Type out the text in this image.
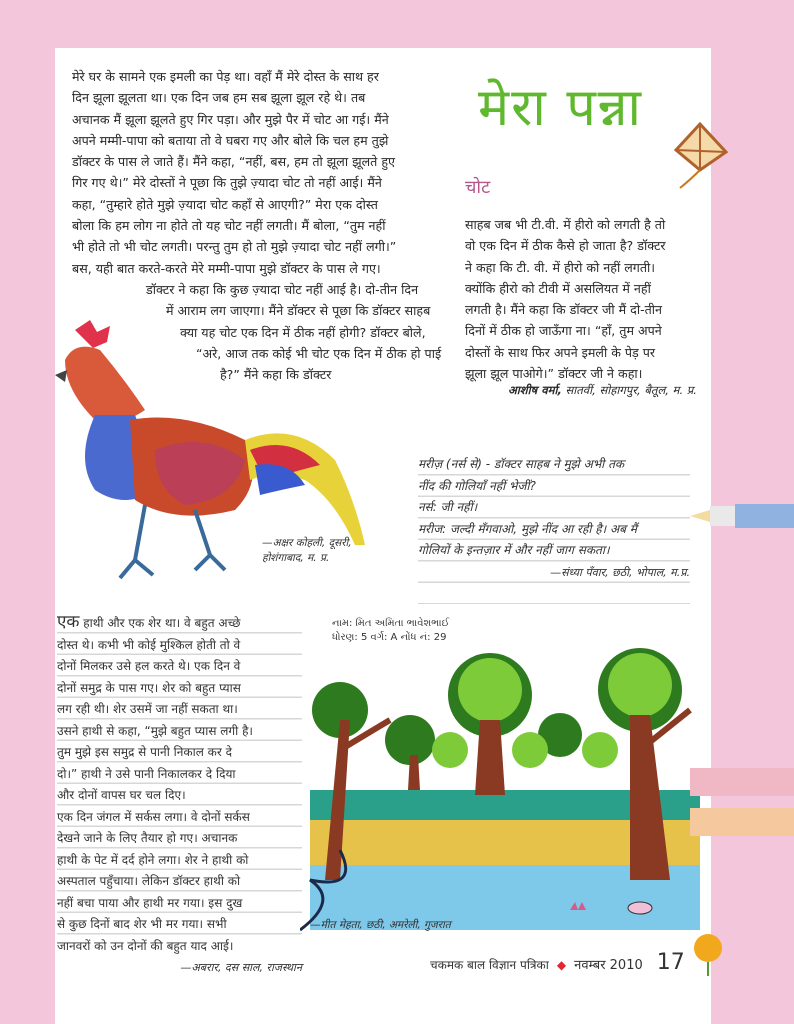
मेरा पन्ना
मेरे घर के सामने एक इमली का पेड़ था। वहाँ मैं मेरे दोस्त के साथ हर
दिन झूला झूलता था। एक दिन जब हम सब झूला झूल रहे थे। तब
अचानक मैं झूला झूलते हुए गिर पड़ा। और मुझे पैर में चोट आ गई। मैंने
अपने मम्मी-पापा को बताया तो वे घबरा गए और बोले कि चल हम तुझे
डॉक्टर के पास ले जाते हैं। मैंने कहा, “नहीं, बस, हम तो झूला झूलते हुए
गिर गए थे।” मेरे दोस्तों ने पूछा कि तुझे ज़्यादा चोट तो नहीं आई। मैंने
कहा, “तुम्हारे होते मुझे ज़्यादा चोट कहाँ से आएगी?” मेरा एक दोस्त
बोला कि हम लोग ना होते तो यह चोट नहीं लगती। मैं बोला, “तुम नहीं
भी होते तो भी चोट लगती। परन्तु तुम हो तो मुझे ज़्यादा चोट नहीं लगी।”
बस, यही बात करते-करते मेरे मम्मी-पापा मुझे डॉक्टर के पास ले गए।
डॉक्टर ने कहा कि कुछ ज़्यादा चोट नहीं आई है। दो-तीन दिन
में आराम लग जाएगा। मैंने डॉक्टर से पूछा कि डॉक्टर साहब
क्या यह चोट एक दिन में ठीक नहीं होगी? डॉक्टर बोले,
“अरे, आज तक कोई भी चोट एक दिन में ठीक हो पाई
है?” मैंने कहा कि डॉक्टर
चोट
साहब जब भी टी.वी. में हीरो को लगती है तो
वो एक दिन में ठीक कैसे हो जाता है? डॉक्टर
ने कहा कि टी. वी. में हीरो को नहीं लगती।
क्योंकि हीरो को टीवी में असलियत में नहीं
लगती है। मैंने कहा कि डॉक्टर जी मैं दो-तीन
दिनों में ठीक हो जाऊँगा ना। “हाँ, तुम अपने
दोस्तों के साथ फिर अपने इमली के पेड़ पर
झूला झूल पाओगे।” डॉक्टर जी ने कहा।
आशीष वर्मा, सातवीं, सोहागपुर, बैतूल, म. प्र.
—अक्षर कोहली, दूसरी,
होशंगाबाद, म. प्र.
मरीज़ (नर्स से) - डॉक्टर साहब ने मुझे अभी तक
नींद की गोलियाँ नहीं भेजीं?
नर्स: जी नहीं।
मरीज: जल्दी मँगवाओ, मुझे नींद आ रही है। अब मैं
गोलियों के इन्तज़ार में और नहीं जाग सकता।
—संध्या पँवार, छठी, भोपाल, म.प्र.
एक हाथी और एक शेर था। वे बहुत अच्छे
दोस्त थे। कभी भी कोई मुश्किल होती तो वे
दोनों मिलकर उसे हल करते थे। एक दिन वे
दोनों समुद्र के पास गए। शेर को बहुत प्यास
लग रही थी। शेर उसमें जा नहीं सकता था।
उसने हाथी से कहा, “मुझे बहुत प्यास लगी है।
तुम मुझे इस समुद्र से पानी निकाल कर दे
दो।” हाथी ने उसे पानी निकालकर दे दिया
और दोनों वापस घर चल दिए।
एक दिन जंगल में सर्कस लगा। वे दोनों सर्कस
देखने जाने के लिए तैयार हो गए। अचानक
हाथी के पेट में दर्द होने लगा। शेर ने हाथी को
अस्पताल पहुँचाया। लेकिन डॉक्टर हाथी को
नहीं बचा पाया और हाथी मर गया। इस दुख
से कुछ दिनों बाद शेर भी मर गया। सभी
जानवरों को उन दोनों की बहुत याद आई।
—अबरार, दस साल, राजस्थान
નામ: મિત અમિતા ભાવેશભાઈ
ધોરણ: 5 વર્ગ: A નોંધ નં: 29
—मीत मेहता, छठी, अमरेली, गुजरात
चकमक बाल विज्ञान पत्रिका ◆ नवम्बर 2010 17
